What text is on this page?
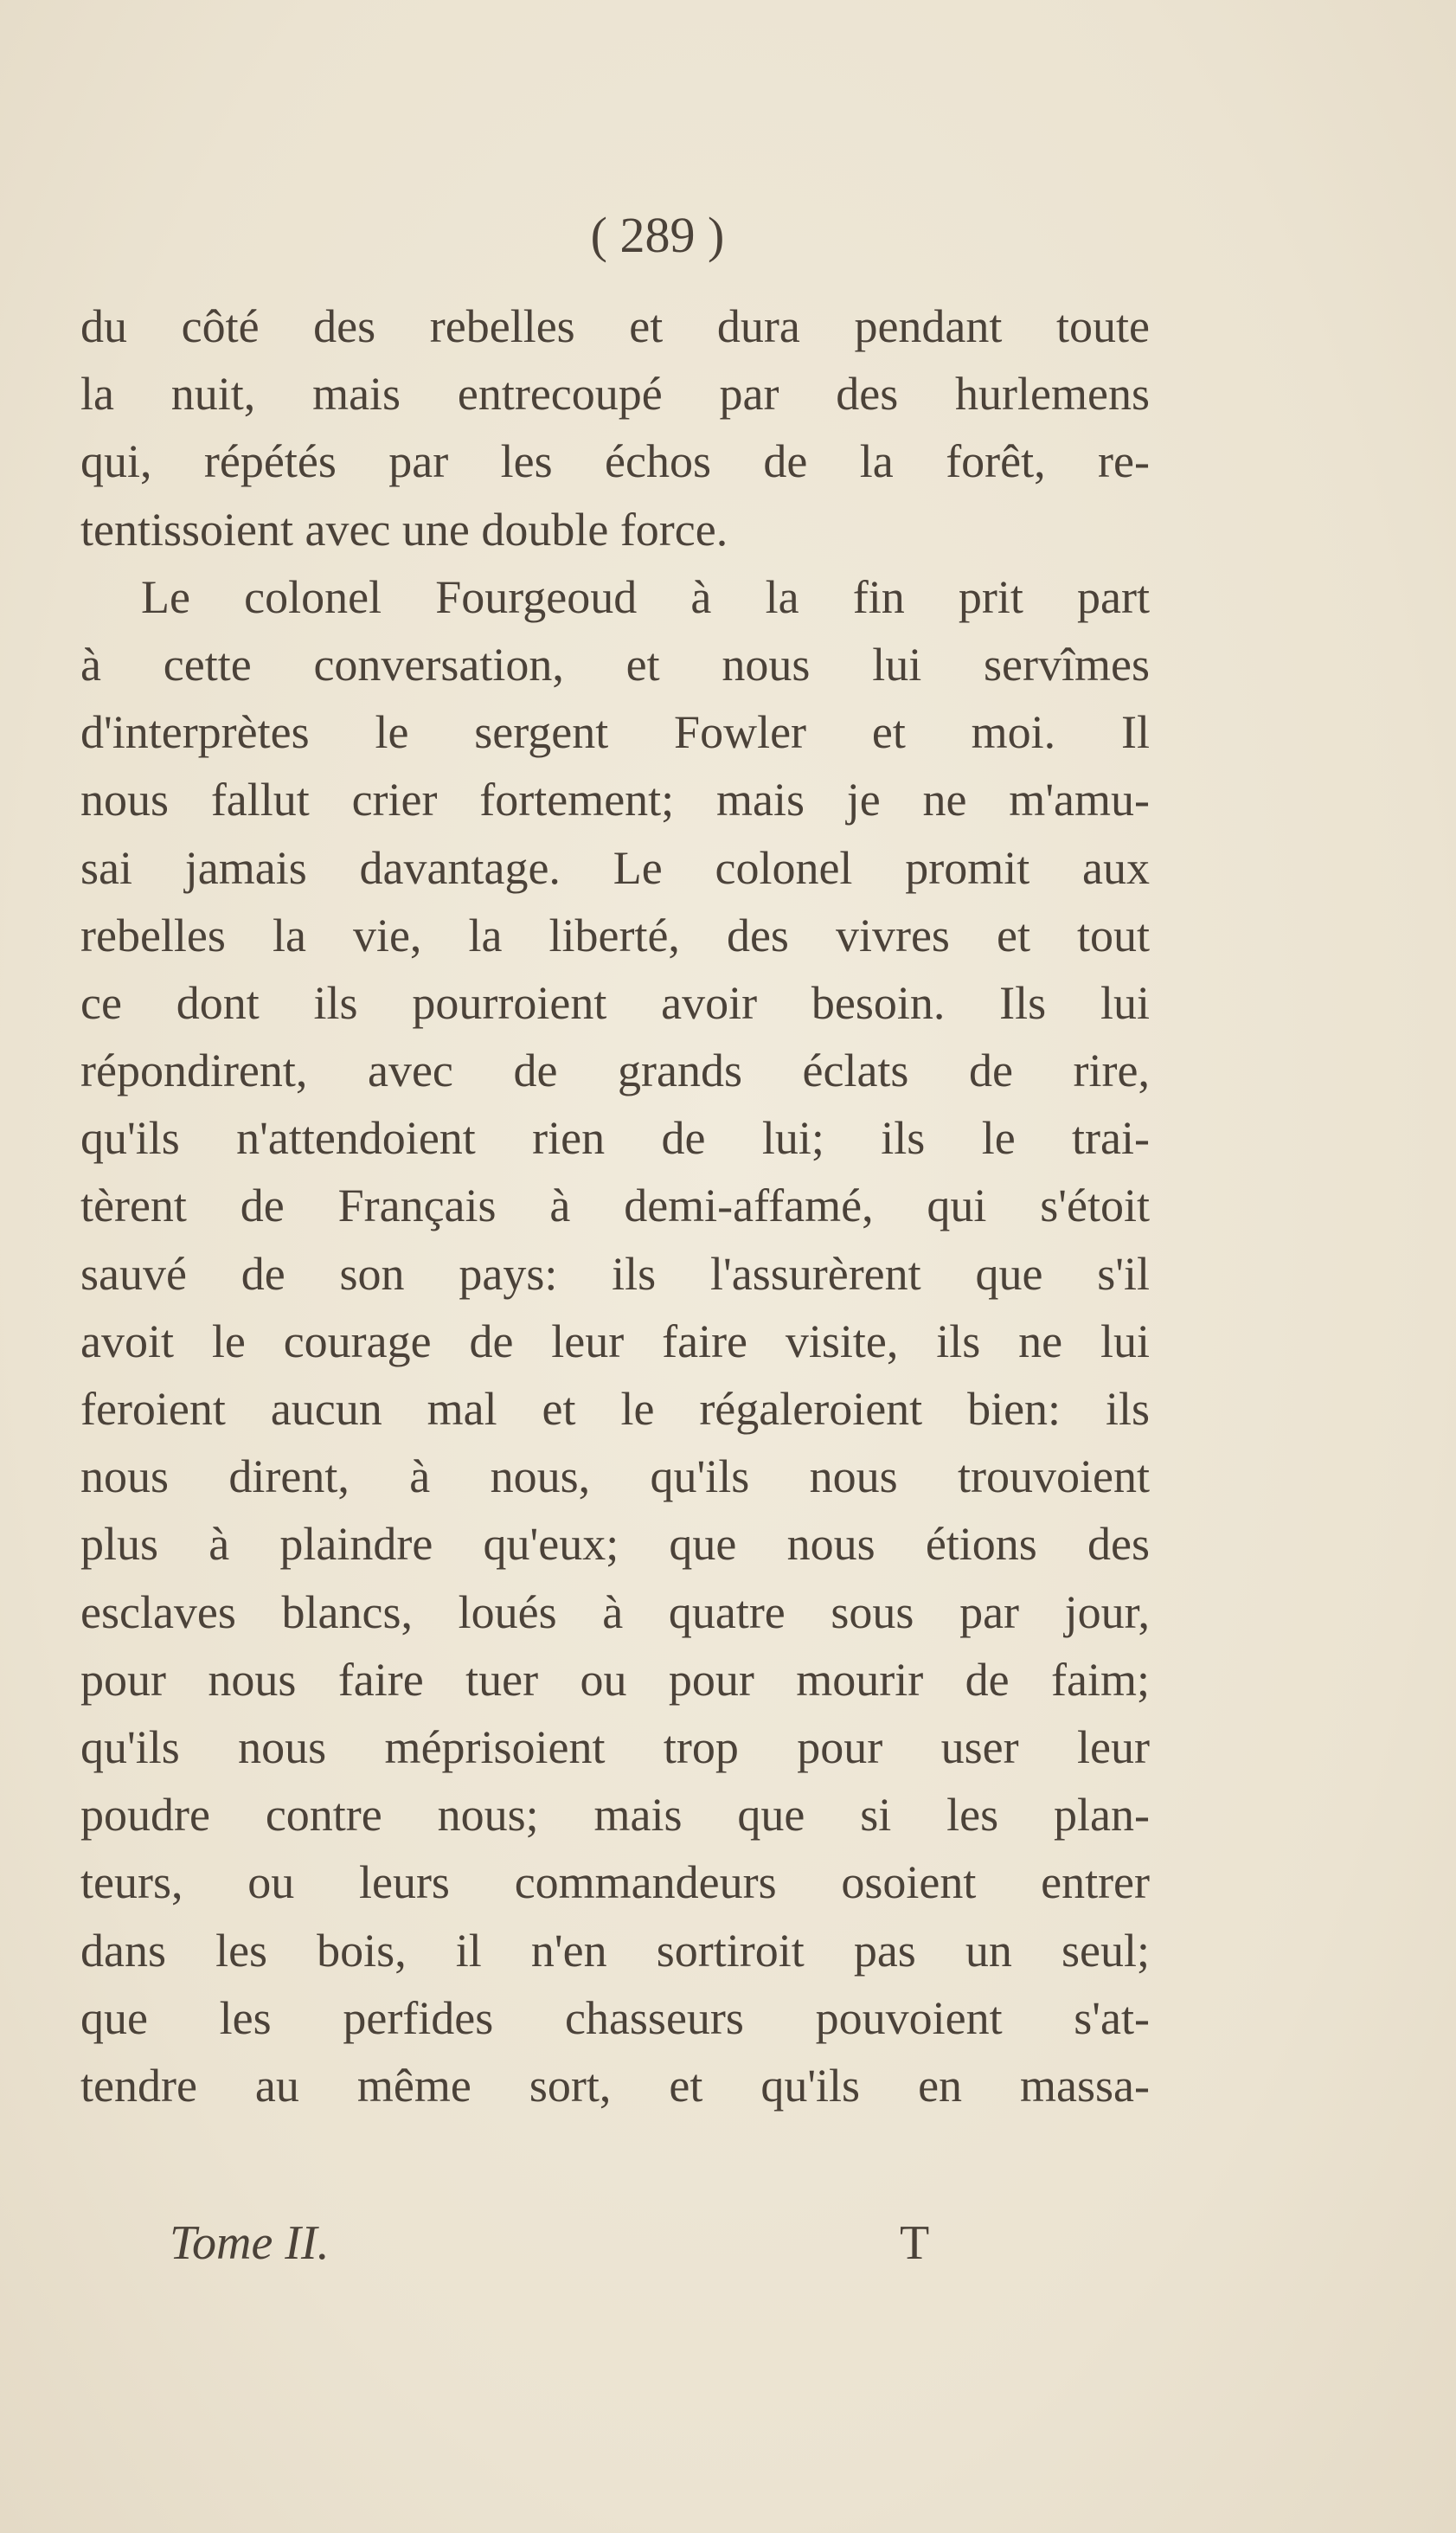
( 289 )
du côté des rebelles et dura pendant toute
la nuit, mais entrecoupé par des hurlemens
qui, répétés par les échos de la forêt, re-
tentissoient avec une double force.
Le colonel Fourgeoud à la fin prit part
à cette conversation, et nous lui servîmes
d'interprètes le sergent Fowler et moi. Il
nous fallut crier fortement; mais je ne m'amu-
sai jamais davantage. Le colonel promit aux
rebelles la vie, la liberté, des vivres et tout
ce dont ils pourroient avoir besoin. Ils lui
répondirent, avec de grands éclats de rire,
qu'ils n'attendoient rien de lui; ils le trai-
tèrent de Français à demi-affamé, qui s'étoit
sauvé de son pays: ils l'assurèrent que s'il
avoit le courage de leur faire visite, ils ne lui
feroient aucun mal et le régaleroient bien: ils
nous dirent, à nous, qu'ils nous trouvoient
plus à plaindre qu'eux; que nous étions des
esclaves blancs, loués à quatre sous par jour,
pour nous faire tuer ou pour mourir de faim;
qu'ils nous méprisoient trop pour user leur
poudre contre nous; mais que si les plan-
teurs, ou leurs commandeurs osoient entrer
dans les bois, il n'en sortiroit pas un seul;
que les perfides chasseurs pouvoient s'at-
tendre au même sort, et qu'ils en massa-
Tome II.	T
